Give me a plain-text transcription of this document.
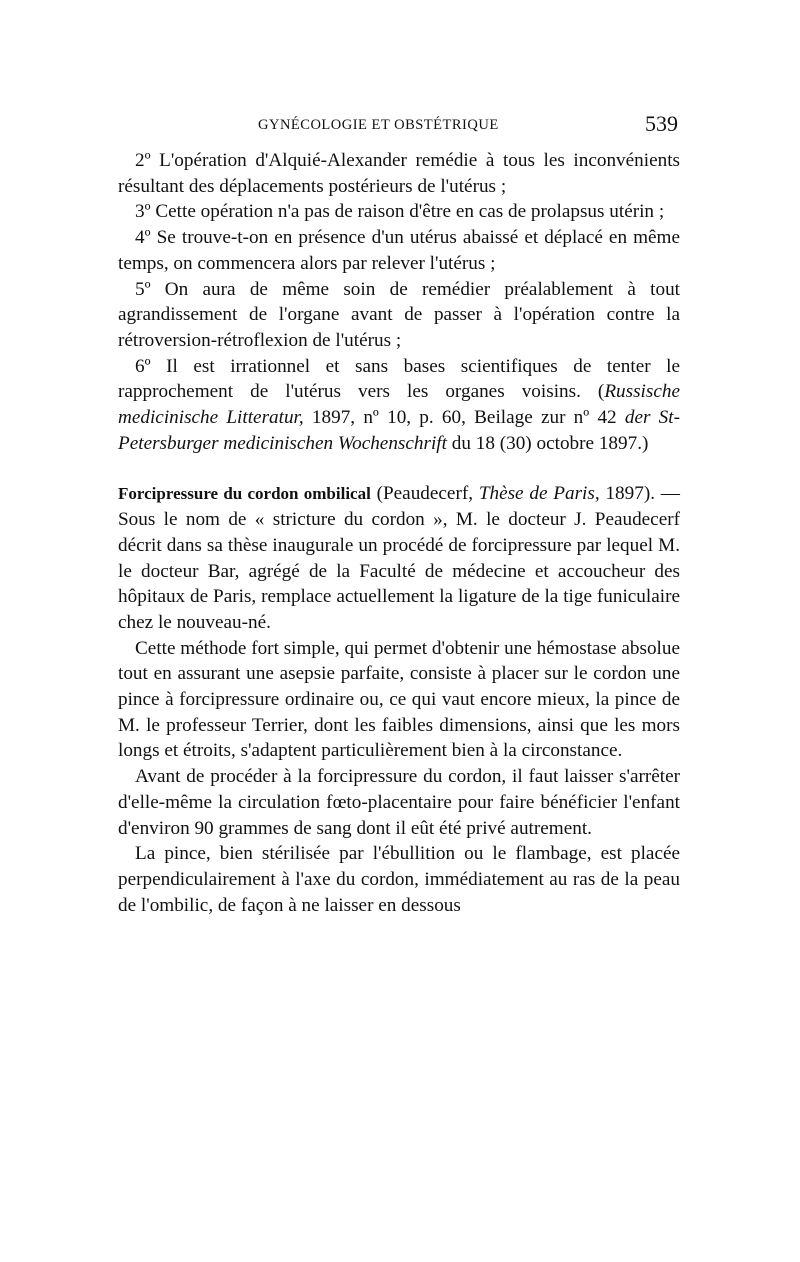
GYNÉCOLOGIE ET OBSTÉTRIQUE	539

2º L'opération d'Alquié-Alexander remédie à tous les inconvénients résultant des déplacements postérieurs de l'utérus ;

3º Cette opération n'a pas de raison d'être en cas de prolapsus utérin ;

4º Se trouve-t-on en présence d'un utérus abaissé et déplacé en même temps, on commencera alors par relever l'utérus ;

5º On aura de même soin de remédier préalablement à tout agrandissement de l'organe avant de passer à l'opération contre la rétroversion-rétroflexion de l'utérus ;

6º Il est irrationnel et sans bases scientifiques de tenter le rapprochement de l'utérus vers les organes voisins. (Russische medicinische Litteratur, 1897, nº 10, p. 60, Beilage zur nº 42 der St-Petersburger medicinischen Wochenschrift du 18 (30) octobre 1897.)

Forcipressure du cordon ombilical (Peaudecerf, Thèse de Paris, 1897). — Sous le nom de « stricture du cordon », M. le docteur J. Peaudecerf décrit dans sa thèse inaugurale un procédé de forcipressure par lequel M. le docteur Bar, agrégé de la Faculté de médecine et accoucheur des hôpitaux de Paris, remplace actuellement la ligature de la tige funiculaire chez le nouveau-né.

Cette méthode fort simple, qui permet d'obtenir une hémostase absolue tout en assurant une asepsie parfaite, consiste à placer sur le cordon une pince à forcipressure ordinaire ou, ce qui vaut encore mieux, la pince de M. le professeur Terrier, dont les faibles dimensions, ainsi que les mors longs et étroits, s'adaptent particulièrement bien à la circonstance.

Avant de procéder à la forcipressure du cordon, il faut laisser s'arrêter d'elle-même la circulation fœto-placentaire pour faire bénéficier l'enfant d'environ 90 grammes de sang dont il eût été privé autrement.

La pince, bien stérilisée par l'ébullition ou le flambage, est placée perpendiculairement à l'axe du cordon, immédiatement au ras de la peau de l'ombilic, de façon à ne laisser en dessous
